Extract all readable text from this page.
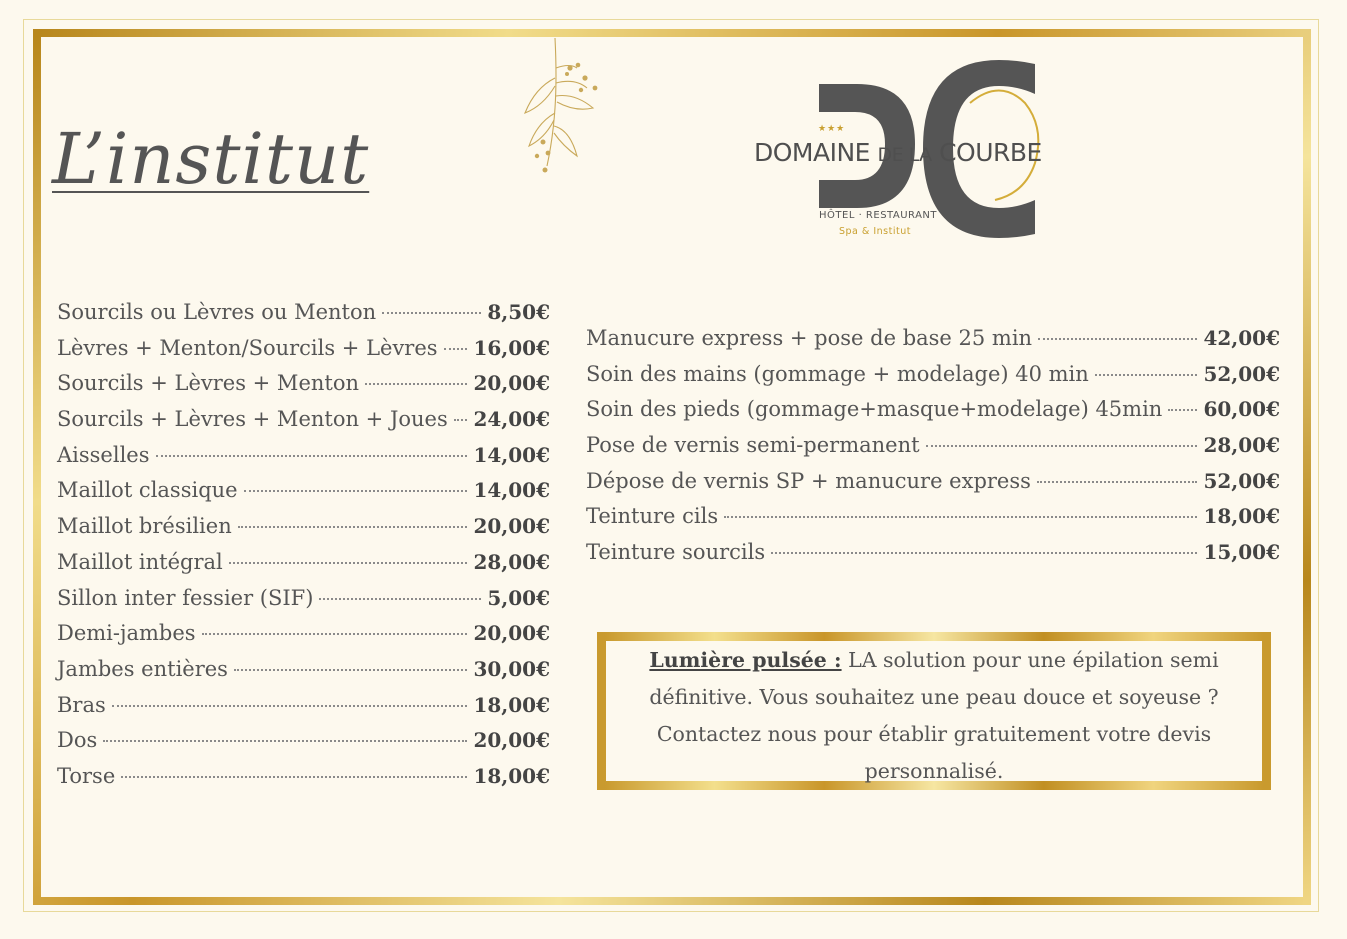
L’institut	★★★
DOMAINE DE LA COURBE
HÔTEL · RESTAURANT
Spa & Institut
Sourcils ou Lèvres ou Menton	8,50€
Lèvres + Menton/Sourcils + Lèvres 16,00€
Sourcils + Lèvres + Menton	20,00€
Sourcils + Lèvres + Menton + Joues 24,00€
Aisselles	14,00€
Maillot classique	14,00€
Maillot brésilien	20,00€
Maillot intégral	28,00€
Sillon inter fessier (SIF)	5,00€
Demi-jambes	20,00€
Jambes entières	30,00€
Bras	18,00€
Dos	20,00€
Torse	18,00€
Manucure express + pose de base 25 min	42,00€
Soin des mains (gommage + modelage) 40 min	52,00€
Soin des pieds (gommage+masque+modelage) 45min 60,00€
Pose de vernis semi-permanent	28,00€
Dépose de vernis SP + manucure express	52,00€
Teinture cils	18,00€
Teinture sourcils	15,00€
Lumière pulsée : LA solution pour une épilation semi définitive. Vous souhaitez une peau douce et soyeuse ? Contactez nous pour établir gratuitement votre devis personnalisé.
